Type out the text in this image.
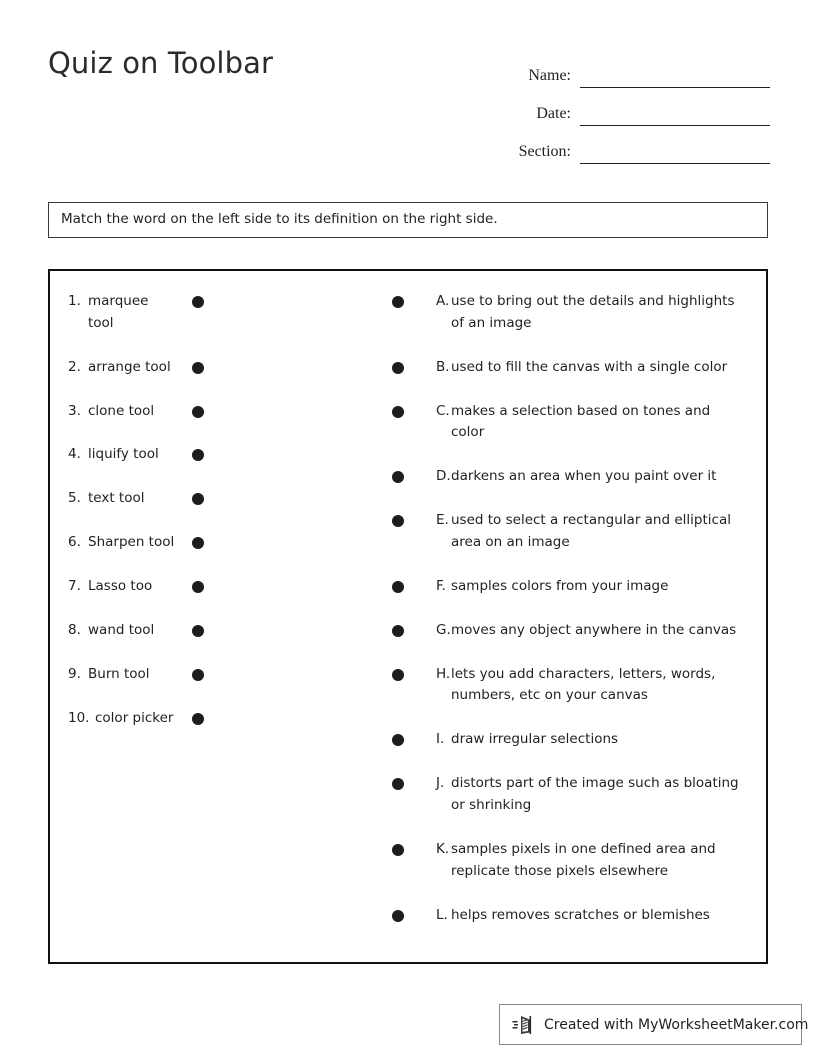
Quiz on Toolbar	Name:
Date:
Section:
Match the word on the left side to its definition on the right side.
1. marquee tool
2. arrange tool
3. clone tool
4. liquify tool
5. text tool
6. Sharpen tool
7. Lasso too
8. wand tool
9. Burn tool
10. color picker
A. use to bring out the details and highlights of an image
B. used to fill the canvas with a single color
C. makes a selection based on tones and color
D. darkens an area when you paint over it
E. used to select a rectangular and elliptical area on an image
F. samples colors from your image
G. moves any object anywhere in the canvas
H. lets you add characters, letters, words, numbers, etc on your canvas
I. draw irregular selections
J. distorts part of the image such as bloating or shrinking
K. samples pixels in one defined area and replicate those pixels elsewhere
L. helps removes scratches or blemishes
Created with MyWorksheetMaker.com
